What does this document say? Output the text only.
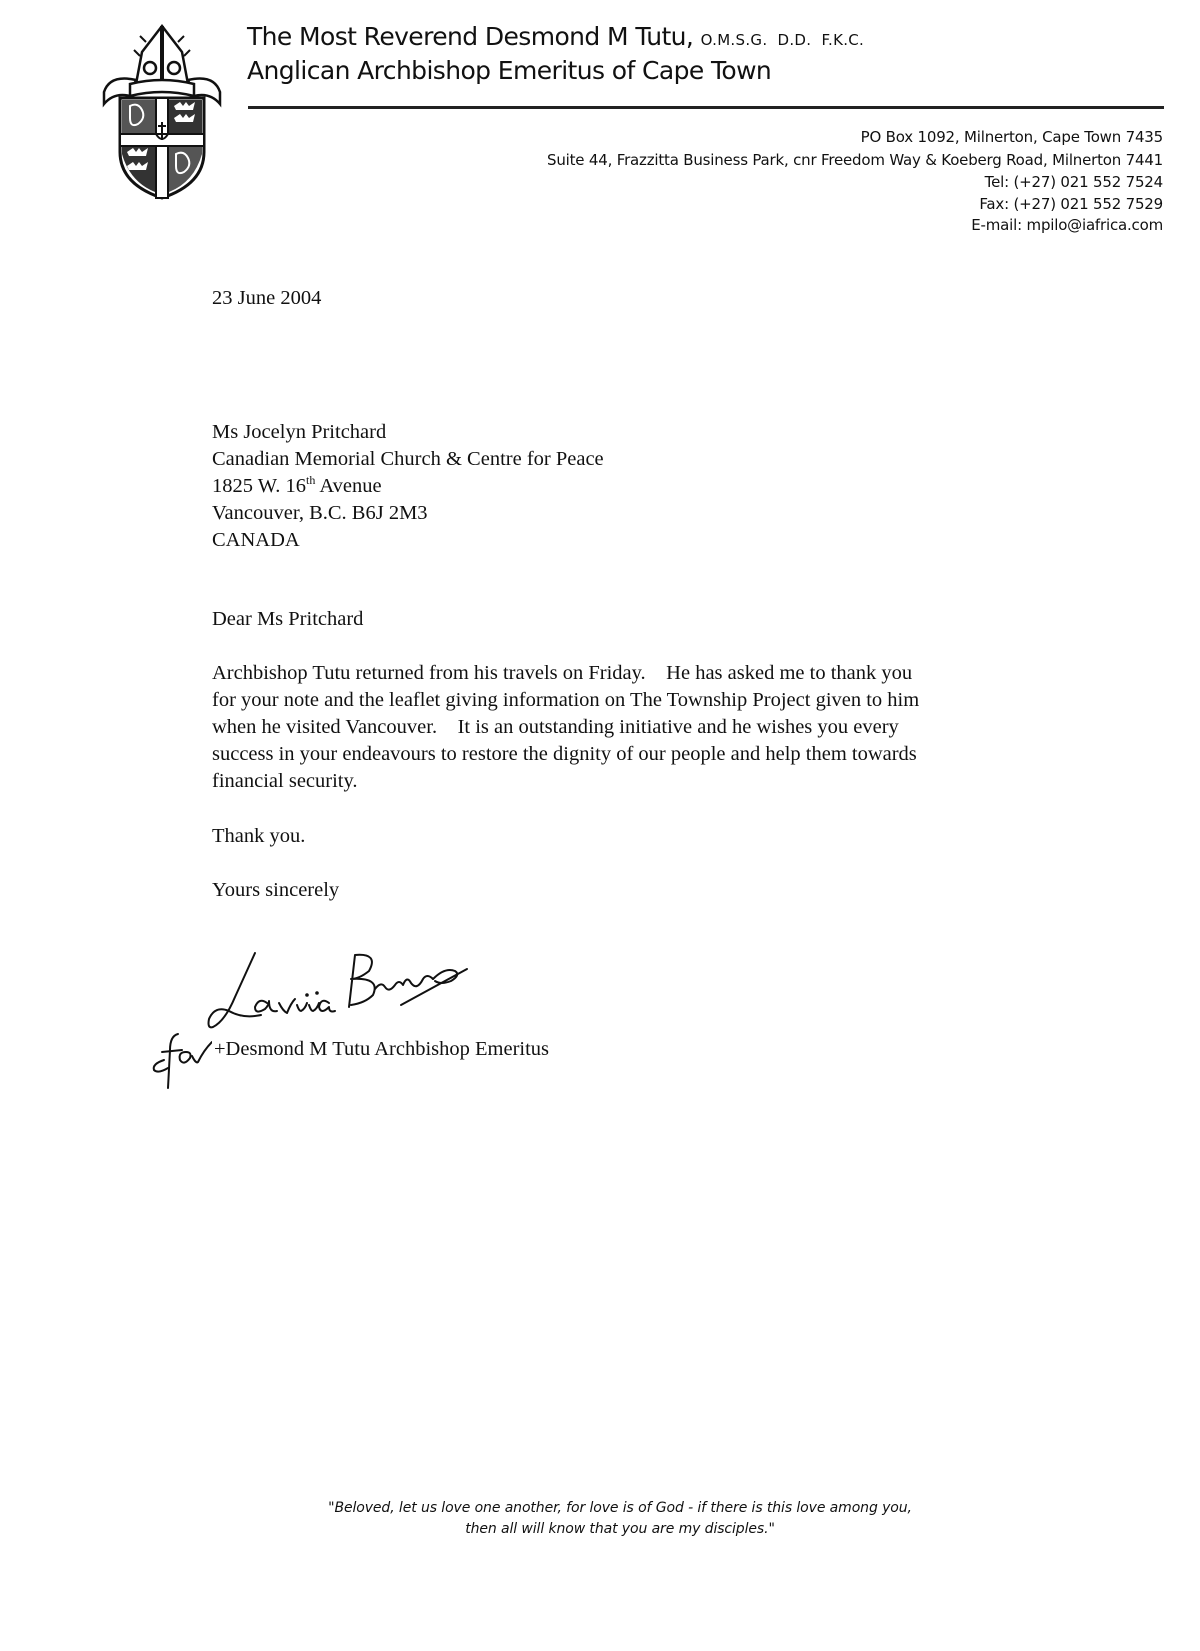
The Most Reverend Desmond M Tutu, O.M.S.G.  D.D.  F.K.C.
Anglican Archbishop Emeritus of Cape Town
PO Box 1092, Milnerton, Cape Town 7435
Suite 44, Frazzitta Business Park, cnr Freedom Way & Koeberg Road, Milnerton 7441
Tel: (+27) 021 552 7524
Fax: (+27) 021 552 7529
E-mail: mpilo@iafrica.com
23 June 2004
Ms Jocelyn Pritchard
Canadian Memorial Church & Centre for Peace
1825 W. 16th Avenue
Vancouver, B.C. B6J 2M3
CANADA
Dear Ms Pritchard
Archbishop Tutu returned from his travels on Friday.    He has asked me to thank you
for your note and the leaflet giving information on The Township Project given to him
when he visited Vancouver.    It is an outstanding initiative and he wishes you every
success in your endeavours to restore the dignity of our people and help them towards
financial security.
Thank you.
Yours sincerely
+Desmond M Tutu Archbishop Emeritus
"Beloved, let us love one another, for love is of God - if there is this love among you,
then all will know that you are my disciples."
